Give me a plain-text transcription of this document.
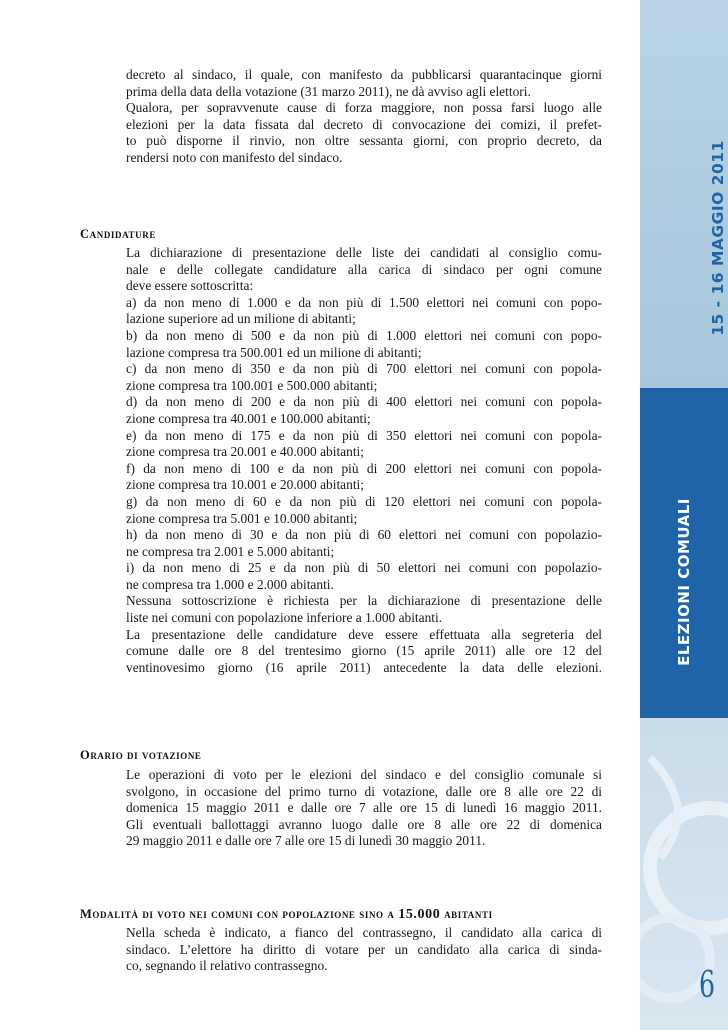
decreto al sindaco, il quale, con manifesto da pubblicarsi quarantacinque giorni
prima della data della votazione (31 marzo 2011), ne dà avviso agli elettori.
Qualora, per sopravvenute cause di forza maggiore, non possa farsi luogo alle
elezioni per la data fissata dal decreto di convocazione dei comizi, il prefet-
to può disporne il rinvio, non oltre sessanta giorni, con proprio decreto, da
rendersi noto con manifesto del sindaco.
Candidature
La dichiarazione di presentazione delle liste dei candidati al consiglio comu-
nale e delle collegate candidature alla carica di sindaco per ogni comune
deve essere sottoscritta:
a) da non meno di 1.000 e da non più di 1.500 elettori nei comuni con popo-
lazione superiore ad un milione di abitanti;
b) da non meno di 500 e da non più di 1.000 elettori nei comuni con popo-
lazione compresa tra 500.001 ed un milione di abitanti;
c) da non meno di 350 e da non più di 700 elettori nei comuni con popola-
zione compresa tra 100.001 e 500.000 abitanti;
d) da non meno di 200 e da non più di 400 elettori nei comuni con popola-
zione compresa tra 40.001 e 100.000 abitanti;
e) da non meno di 175 e da non più di 350 elettori nei comuni con popola-
zione compresa tra 20.001 e 40.000 abitanti;
f) da non meno di 100 e da non più di 200 elettori nei comuni con popola-
zione compresa tra 10.001 e 20.000 abitanti;
g) da non meno di 60 e da non più di 120 elettori nei comuni con popola-
zione compresa tra 5.001 e 10.000 abitanti;
h) da non meno di 30 e da non più di 60 elettori nei comuni con popolazio-
ne compresa tra 2.001 e 5.000 abitanti;
i) da non meno di 25 e da non più di 50 elettori nei comuni con popolazio-
ne compresa tra 1.000 e 2.000 abitanti.
Nessuna sottoscrizione è richiesta per la dichiarazione di presentazione delle
liste nei comuni con popolazione inferiore a 1.000 abitanti.
La presentazione delle candidature deve essere effettuata alla segreteria del
comune dalle ore 8 del trentesimo giorno (15 aprile 2011) alle ore 12 del
ventinovesimo giorno (16 aprile 2011) antecedente la data delle elezioni.
Orario di votazione
Le operazioni di voto per le elezioni del sindaco e del consiglio comunale si
svolgono, in occasione del primo turno di votazione, dalle ore 8 alle ore 22 di
domenica 15 maggio 2011 e dalle ore 7 alle ore 15 di lunedì 16 maggio 2011.
Gli eventuali ballottaggi avranno luogo dalle ore 8 alle ore 22 di domenica
29 maggio 2011 e dalle ore 7 alle ore 15 di lunedì 30 maggio 2011.
Modalità di voto nei comuni con popolazione sino a 15.000 abitanti
Nella scheda è indicato, a fianco del contrassegno, il candidato alla carica di
sindaco. L’elettore ha diritto di votare per un candidato alla carica di sinda-
co, segnando il relativo contrassegno.
15 - 16 MAGGIO 2011
ELEZIONI COMUALI
6
